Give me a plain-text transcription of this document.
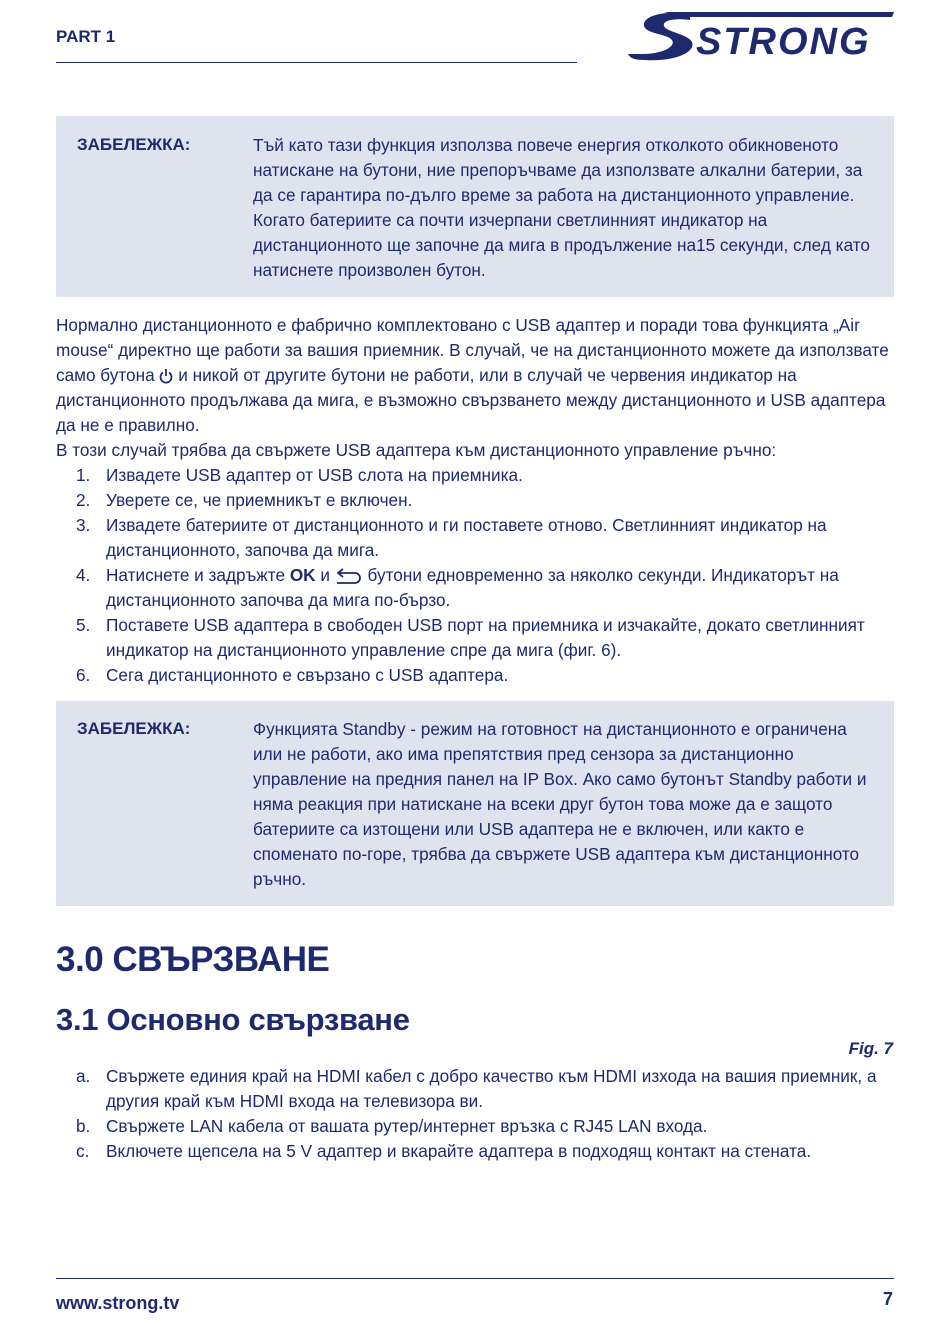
PART 1	STRONG
ЗАБЕЛЕЖКА:	Тъй като тази функция използва повече енергия отколкото обикновеното натискане на бутони, ние препоръчваме да използвате алкални батерии, за да се гарантира по-дълго време за работа на дистанционното управление. Когато батериите са почти изчерпани светлинният индикатор на дистанционното ще започне да мига в продължение на15 секунди, след като натиснете произволен бутон.
Нормално дистанционното е фабрично комплектовано с USB адаптер и поради това функцията „Air mouse“ директно ще работи за вашия приемник. В случай, че на дистанционното можете да използвате само бутона  и никой от другите бутони не работи, или в случай че червения индикатор на дистанционното продължава да мига, е възможно свързването между дистанционното и USB адаптера да не е правилно.
В този случай трябва да свържете USB адаптера към дистанционното управление ръчно:
1. Извадете USB адаптер от USB слота на приемника.
2. Уверете се, че приемникът е включен.
3. Извадете батериите от дистанционното и ги поставете отново. Светлинният индикатор на дистанционното, започва да мига.
4. Натиснете и задръжте OK и  бутони едновременно за няколко секунди. Индикаторът на дистанционното започва да мига по-бързо.
5. Поставете USB адаптера в свободен USB порт на приемника и изчакайте, докато светлинният индикатор на дистанционното управление спре да мига (фиг. 6).
6. Сега дистанционното е свързано с USB адаптера.
ЗАБЕЛЕЖКА:	Функцията Standby - режим на готовност на дистанционното е ограничена или не работи, ако има препятствия пред сензора за дистанционно управление на предния панел на IP Box. Ако само бутонът Standby работи и няма реакция при натискане на всеки друг бутон това може да е защото батериите са изтощени или USB адаптера не е включен, или както е споменато по-горе, трябва да свържете USB адаптера към дистанционното ръчно.
3.0 СВЪРЗВАНЕ
3.1 Основно свързване
Fig. 7
a. Свържете единия край на HDMI кабел с добро качество към HDMI изхода на вашия приемник, а другия край към HDMI входа на телевизора ви.
b. Свържете LAN кабела от вашата рутер/интернет връзка с RJ45 LAN входа.
c. Включете щепсела на 5 V адаптер и вкарайте адаптера в подходящ контакт на стената.
www.strong.tv	7
